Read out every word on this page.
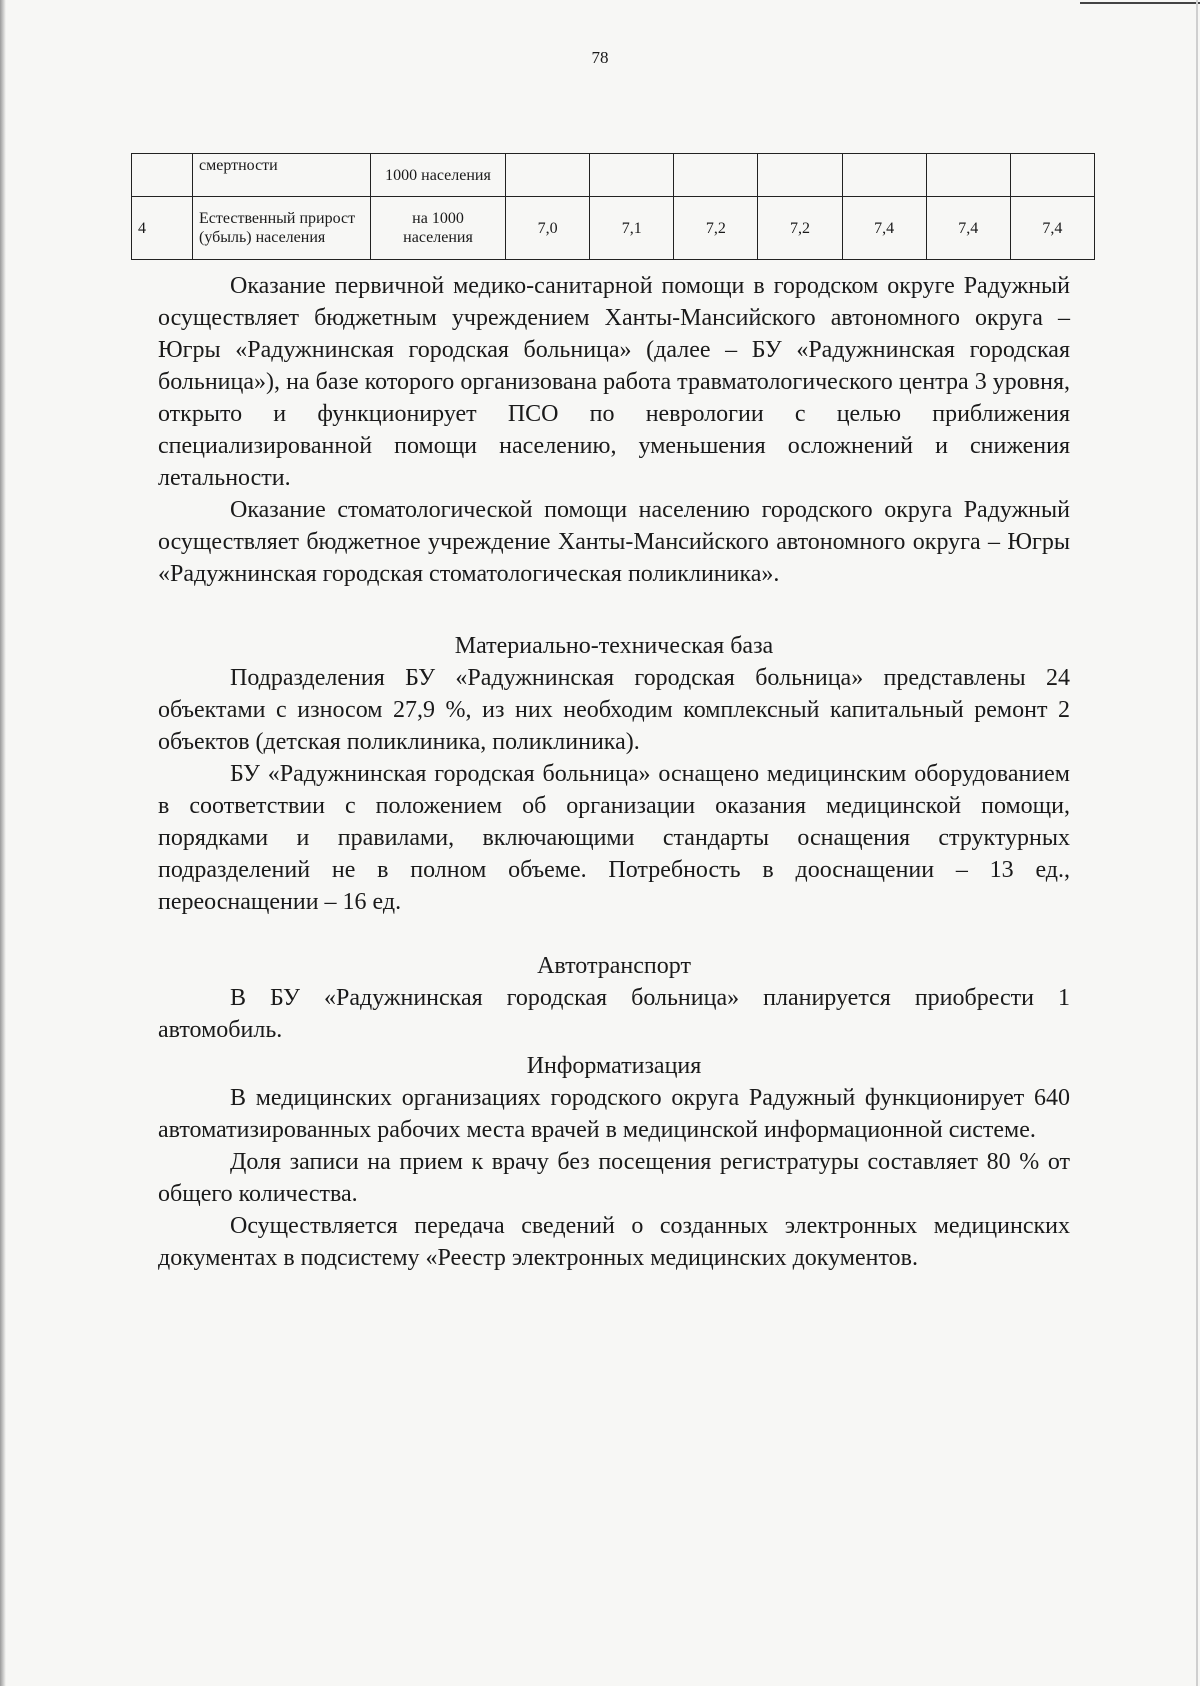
78
	смертности	1000 населения							
4	Естественный прирост (убыль) населения	на 1000 населения	7,0	7,1	7,2	7,2	7,4	7,4	7,4

Оказание первичной медико-санитарной помощи в городском округе Радужный осуществляет бюджетным учреждением Ханты-Мансийского автономного округа – Югры «Радужнинская городская больница» (далее – БУ «Радужнинская городская больница»), на базе которого организована работа травматологического центра 3 уровня, открыто и функционирует ПСО по неврологии с целью приближения специализированной помощи населению, уменьшения осложнений и снижения летальности.

Оказание стоматологической помощи населению городского округа Радужный осуществляет бюджетное учреждение Ханты-Мансийского автономного округа – Югры «Радужнинская городская стоматологическая поликлиника».

Материально-техническая база

Подразделения БУ «Радужнинская городская больница» представлены 24 объектами с износом 27,9 %, из них необходим комплексный капитальный ремонт 2 объектов (детская поликлиника, поликлиника).

БУ «Радужнинская городская больница» оснащено медицинским оборудованием в соответствии с положением об организации оказания медицинской помощи, порядками и правилами, включающими стандарты оснащения структурных подразделений не в полном объеме. Потребность в дооснащении – 13 ед., переоснащении – 16 ед.

Автотранспорт

В БУ «Радужнинская городская больница» планируется приобрести 1 автомобиль.

Информатизация

В медицинских организациях городского округа Радужный функционирует 640 автоматизированных рабочих места врачей в медицинской информационной системе.

Доля записи на прием к врачу без посещения регистратуры составляет 80 % от общего количества.

Осуществляется передача сведений о созданных электронных медицинских документах в подсистему «Реестр электронных медицинских документов.
